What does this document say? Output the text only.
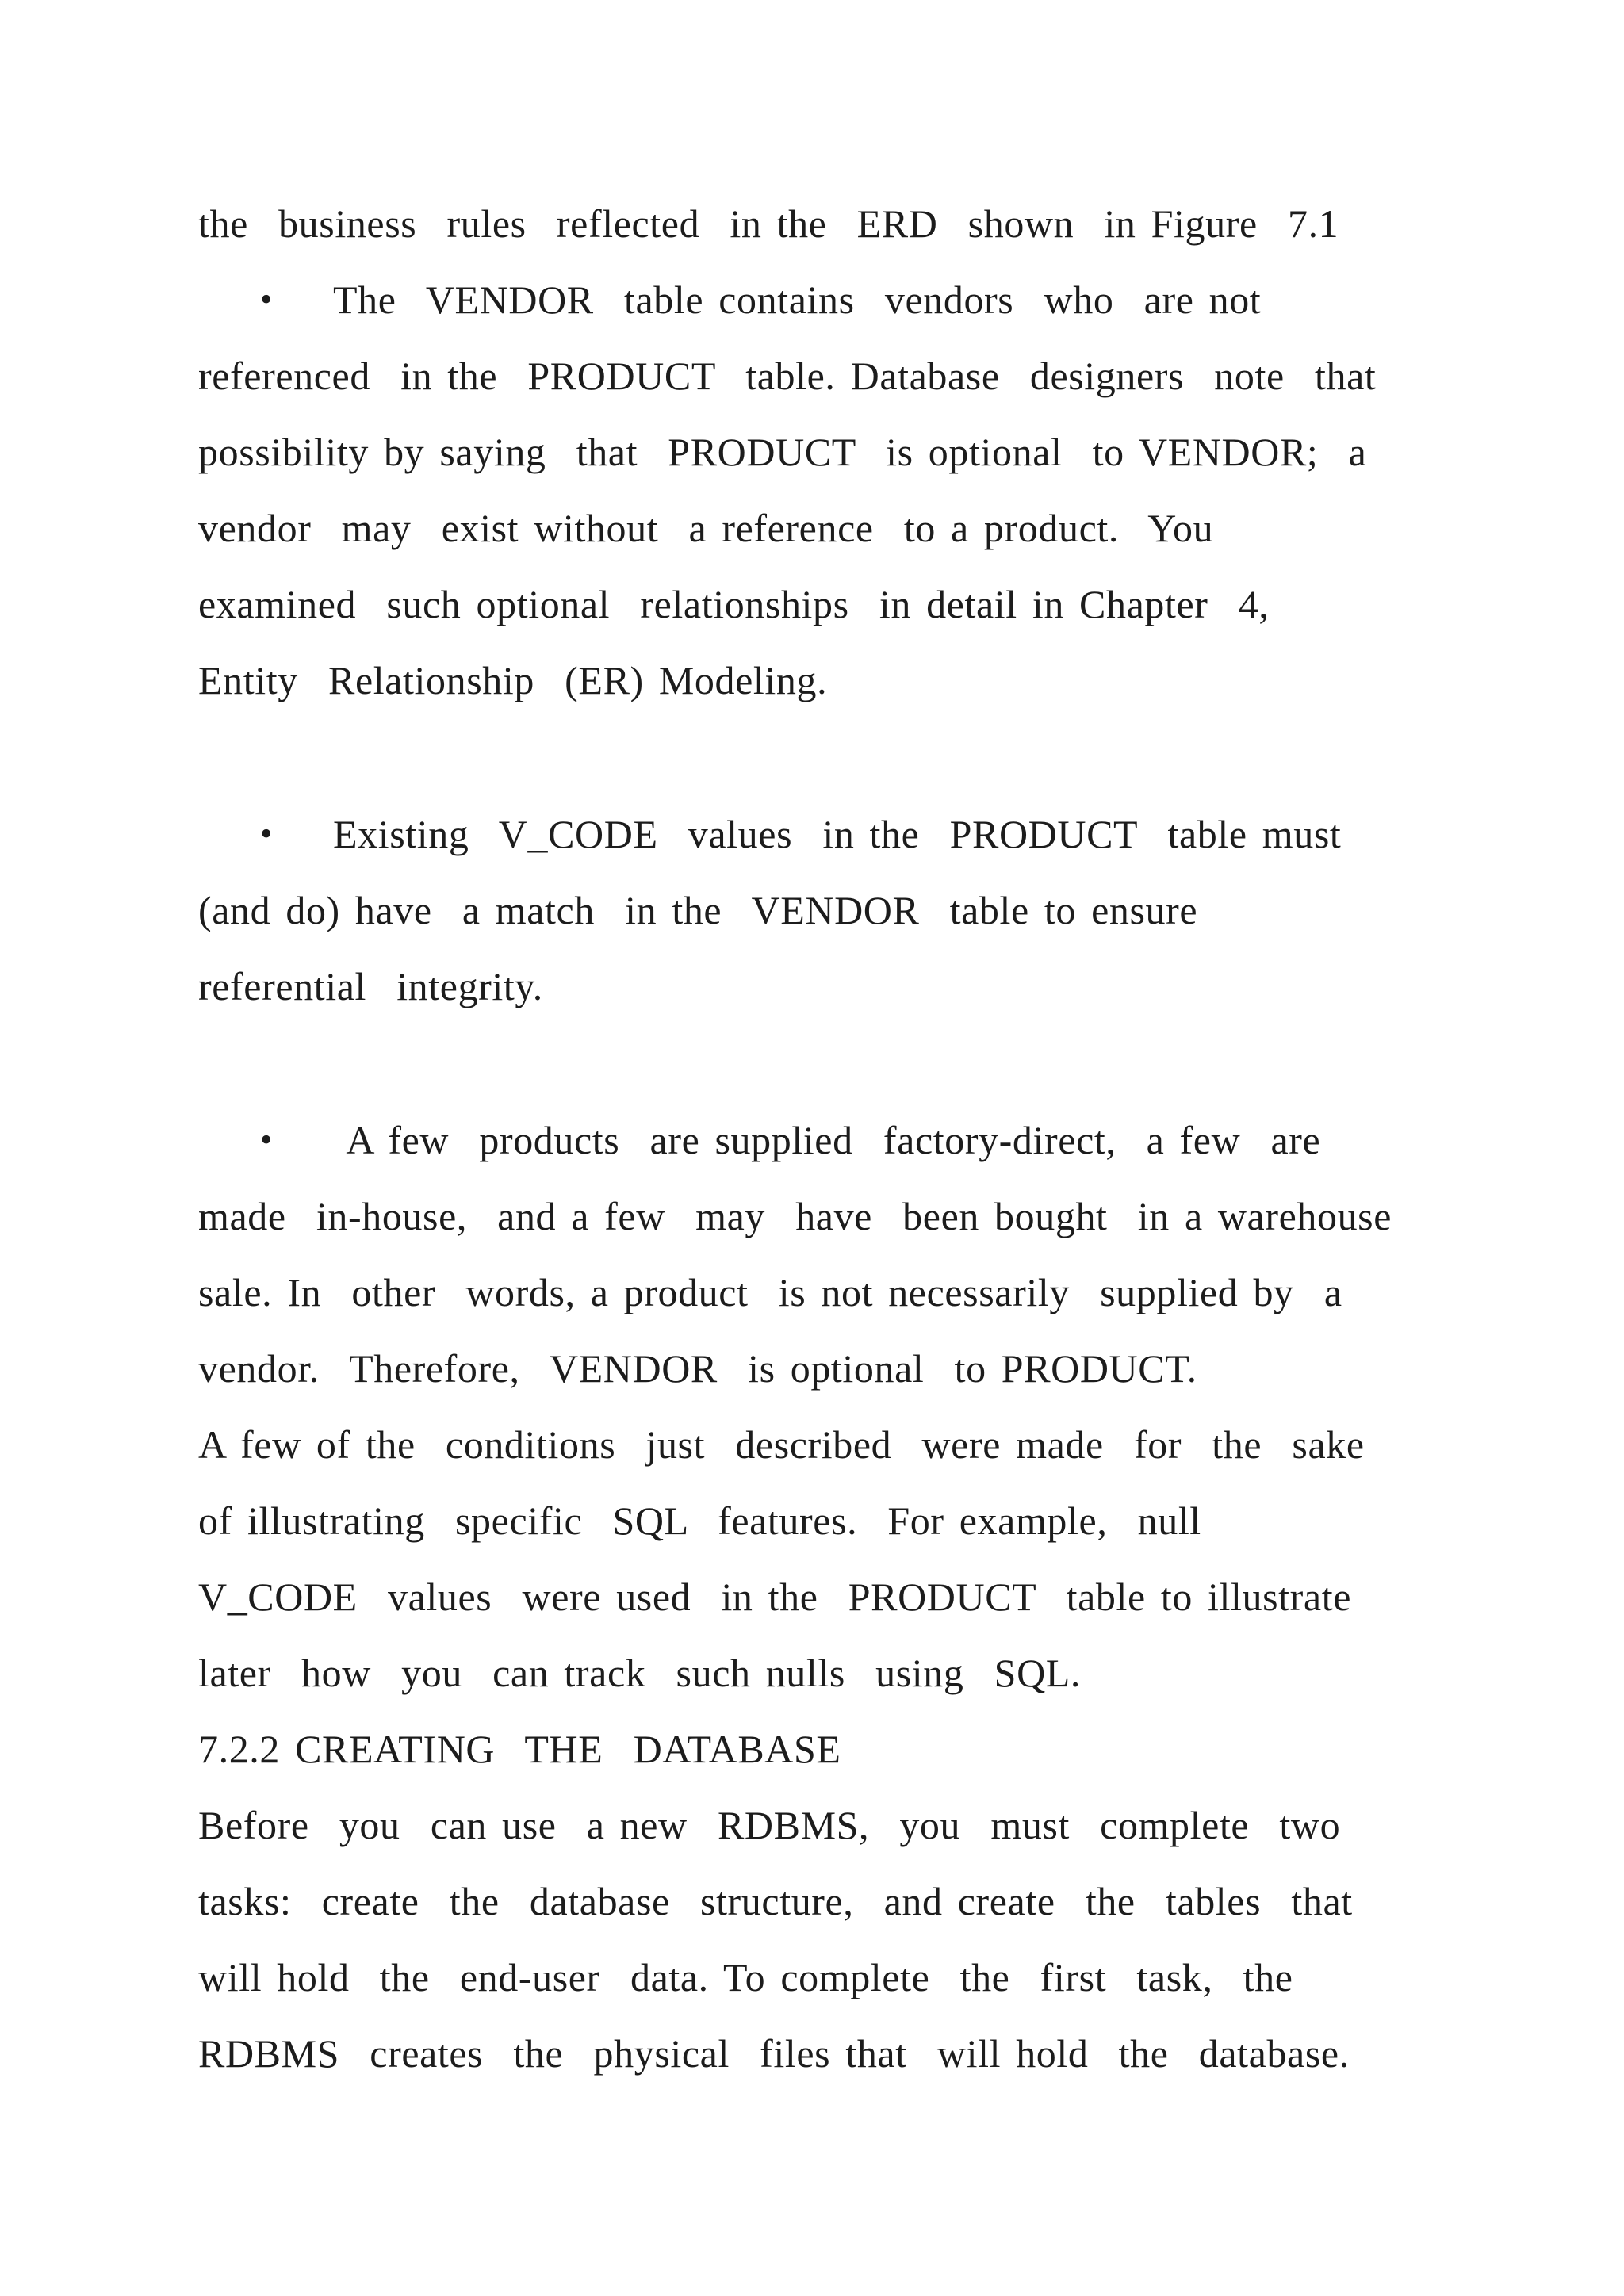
the  business  rules  reflected  in the  ERD  shown  in Figure  7.1
• The  VENDOR  table contains  vendors  who  are not
referenced  in the  PRODUCT  table. Database  designers  note  that
possibility by saying  that  PRODUCT  is optional  to VENDOR;  a
vendor  may  exist without  a reference  to a product.  You
examined  such optional  relationships  in detail in Chapter  4,
Entity  Relationship  (ER) Modeling.
• Existing  V_CODE  values  in the  PRODUCT  table must
(and do) have  a match  in the  VENDOR  table to ensure
referential  integrity.
• A few  products  are supplied  factory-direct,  a few  are
made  in-house,  and a few  may  have  been bought  in a warehouse
sale. In  other  words, a product  is not necessarily  supplied by  a
vendor.  Therefore,  VENDOR  is optional  to PRODUCT.
A few of the  conditions  just  described  were made  for  the  sake
of illustrating  specific  SQL  features.  For example,  null
V_CODE  values  were used  in the  PRODUCT  table to illustrate
later  how  you  can track  such nulls  using  SQL.
7.2.2 CREATING  THE  DATABASE
Before  you  can use  a new  RDBMS,  you  must  complete  two
tasks:  create  the  database  structure,  and create  the  tables  that
will hold  the  end-user  data. To complete  the  first  task,  the
RDBMS  creates  the  physical  files that  will hold  the  database.
